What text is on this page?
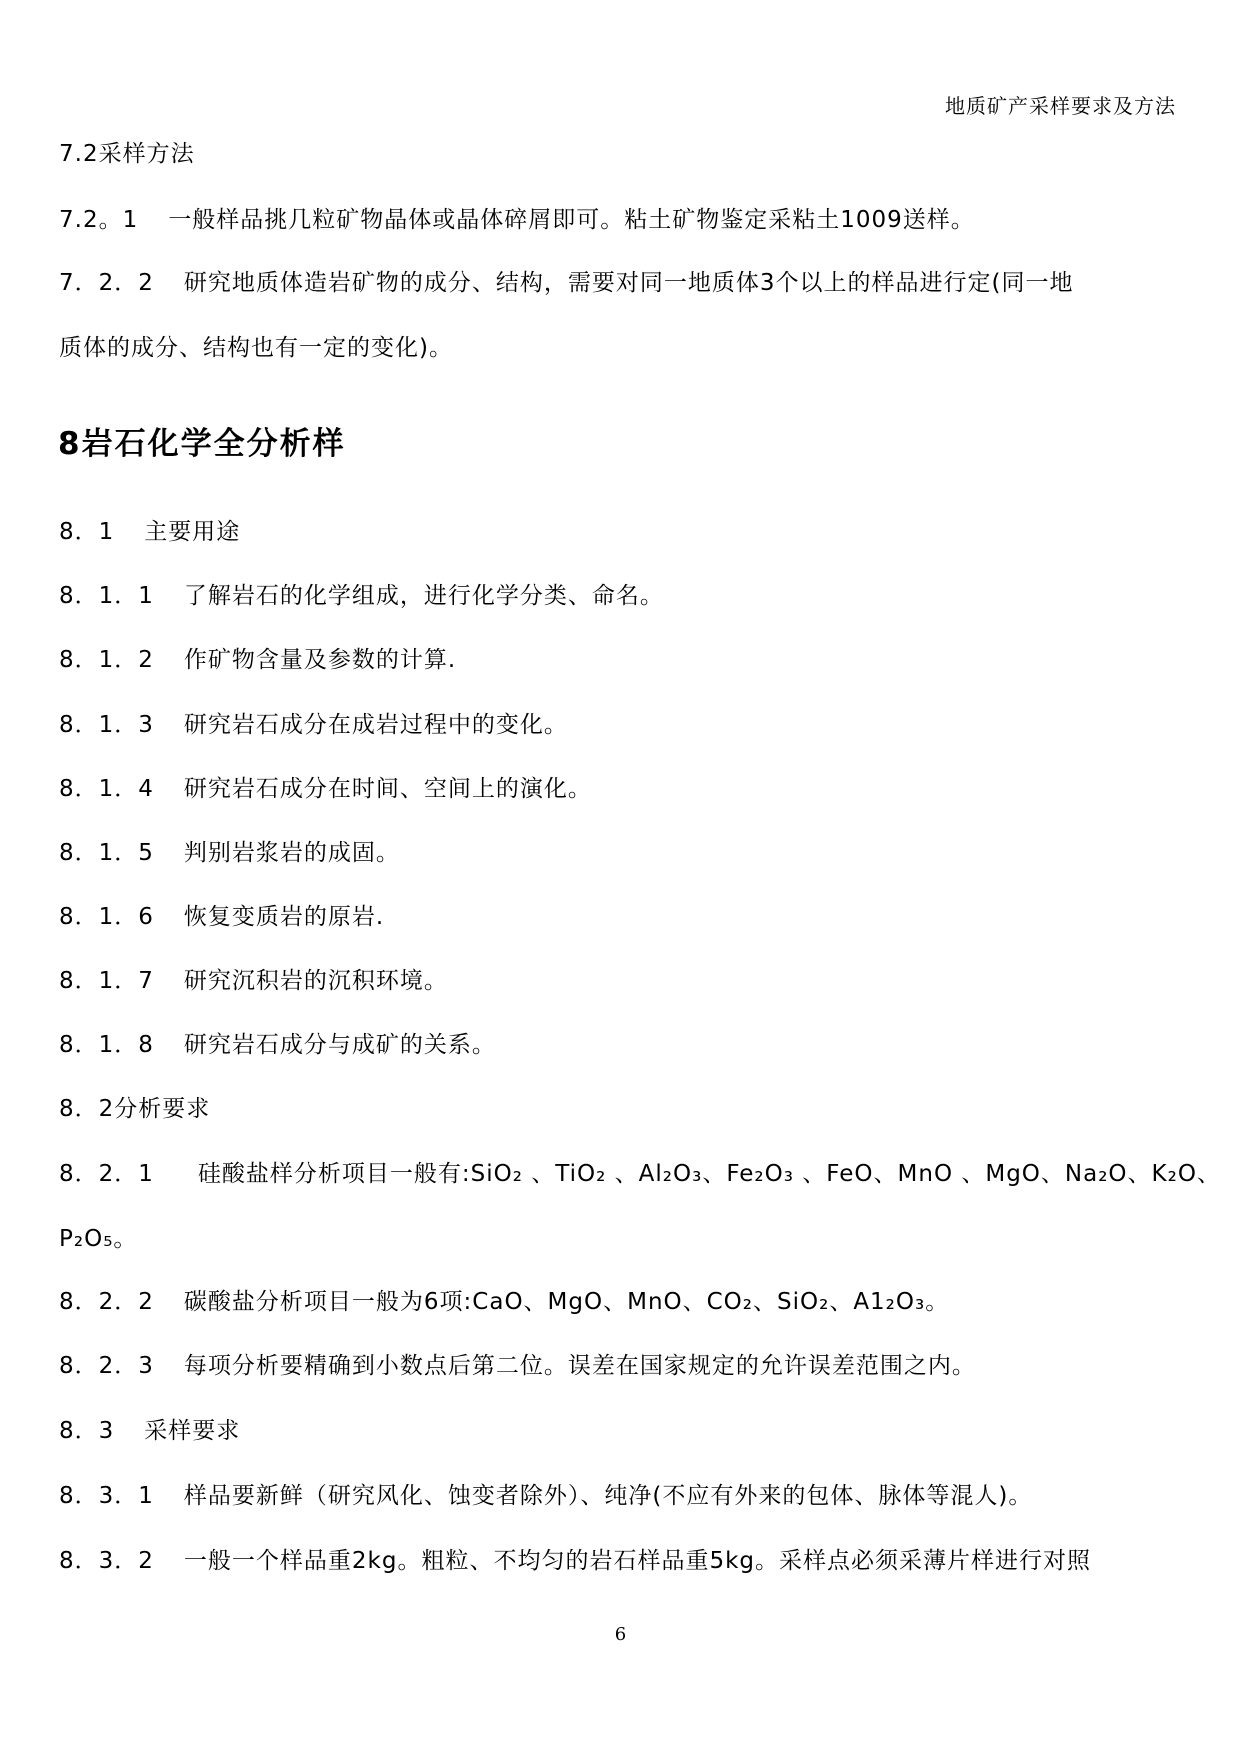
地质矿产采样要求及方法
7.2采样方法
7.2。1 一般样品挑几粒矿物晶体或晶体碎屑即可。粘土矿物鉴定采粘土1009送样。
7．2．2 研究地质体造岩矿物的成分、结构，需要对同一地质体3个以上的样品进行定(同一地
质体的成分、结构也有一定的变化)。
8岩石化学全分析样
8．1 主要用途
8．1．1 了解岩石的化学组成，进行化学分类、命名。
8．1．2 作矿物含量及参数的计算.
8．1．3 研究岩石成分在成岩过程中的变化。
8．1．4 研究岩石成分在时间、空间上的演化。
8．1．5 判别岩浆岩的成固。
8．1．6 恢复变质岩的原岩.
8．1．7 研究沉积岩的沉积环境。
8．1．8 研究岩石成分与成矿的关系。
8．2分析要求
8．2．1 硅酸盐样分析项目一般有:SiO₂ 、TiO₂ 、Al₂O₃、Fe₂O₃ 、FeO、MnO 、MgO、Na₂O、K₂O、
P₂O₅。
8．2．2 碳酸盐分析项目一般为6项:CaO、MgO、MnO、CO₂、SiO₂、A1₂O₃。
8．2．3 每项分析要精确到小数点后第二位。误差在国家规定的允许误差范围之内。
8．3 采样要求
8．3．1 样品要新鲜（研究风化、蚀变者除外）、纯净(不应有外来的包体、脉体等混人)。
8．3．2 一般一个样品重2kg。粗粒、不均匀的岩石样品重5kg。采样点必须采薄片样进行对照
6
